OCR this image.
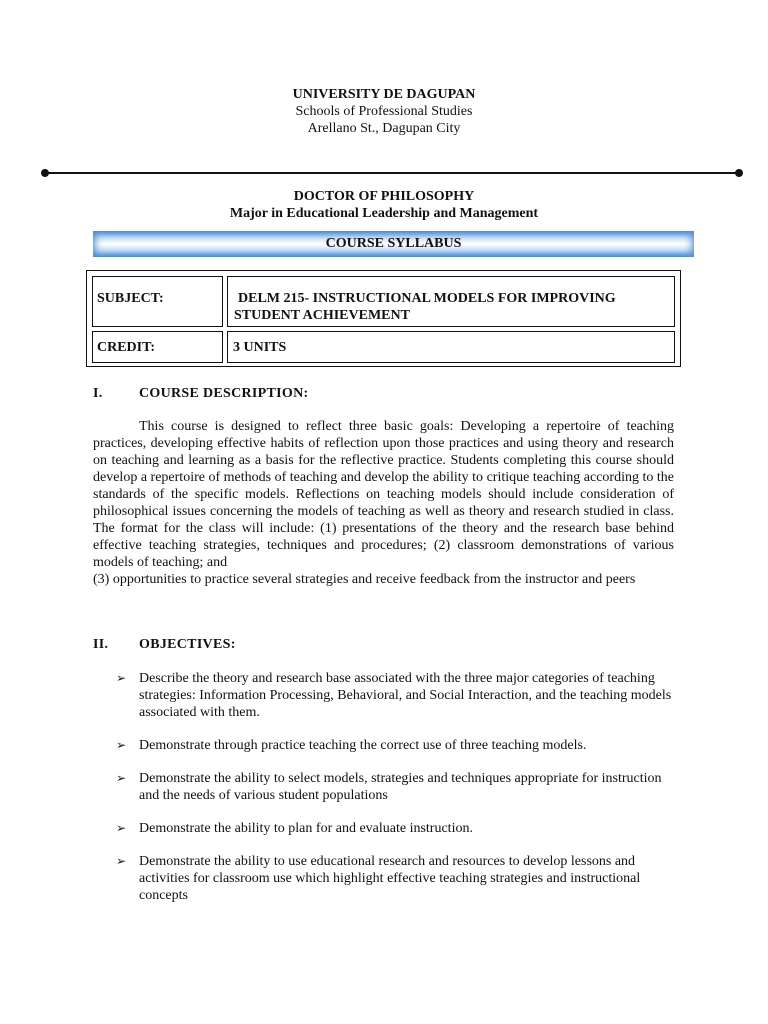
UNIVERSITY DE DAGUPAN
Schools of Professional Studies
Arellano St., Dagupan City
DOCTOR OF PHILOSOPHY
Major in Educational Leadership and Management
COURSE SYLLABUS
SUBJECT:	DELM 215- INSTRUCTIONAL MODELS FOR IMPROVING
STUDENT ACHIEVEMENT
CREDIT:	3 UNITS
I.	COURSE DESCRIPTION:

This course is designed to reflect three basic goals: Developing a repertoire of teaching practices, developing effective habits of reflection upon those practices and using theory and research on teaching and learning as a basis for the reflective practice. Students completing this course should develop a repertoire of methods of teaching and develop the ability to critique teaching according to the standards of the specific models. Reflections on teaching models should include consideration of philosophical issues concerning the models of teaching as well as theory and research studied in class. The format for the class will include: (1) presentations of the theory and the research base behind effective teaching strategies, techniques and procedures; (2) classroom demonstrations of various models of teaching; and

(3) opportunities to practice several strategies and receive feedback from the instructor and peers

II. OBJECTIVES:
➢ Describe the theory and research base associated with the three major categories of teaching strategies: Information Processing, Behavioral, and Social Interaction, and the teaching models associated with them.
➢ Demonstrate through practice teaching the correct use of three teaching models.
➢ Demonstrate the ability to select models, strategies and techniques appropriate for instruction and the needs of various student populations
➢ Demonstrate the ability to plan for and evaluate instruction.
➢ Demonstrate the ability to use educational research and resources to develop lessons and activities for classroom use which highlight effective teaching strategies and instructional concepts
